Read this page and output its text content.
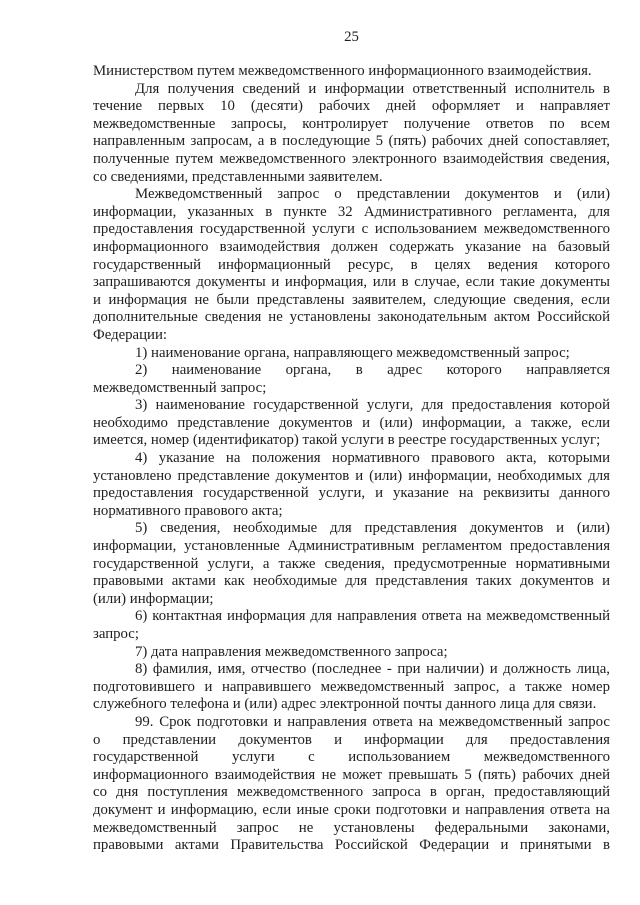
25
Министерством путем межведомственного информационного взаимодействия.
Для получения сведений и информации ответственный исполнитель в
течение первых 10 (десяти) рабочих дней оформляет и направляет
межведомственные запросы, контролирует получение ответов по всем
направленным запросам, а в последующие 5 (пять) рабочих дней сопоставляет,
полученные путем межведомственного электронного взаимодействия сведения,
со сведениями, представленными заявителем.
Межведомственный запрос о представлении документов и (или)
информации, указанных в пункте 32 Административного регламента, для
предоставления государственной услуги с использованием межведомственного
информационного взаимодействия должен содержать указание на базовый
государственный информационный ресурс, в целях ведения которого
запрашиваются документы и информация, или в случае, если такие документы
и информация не были представлены заявителем, следующие сведения, если
дополнительные сведения не установлены законодательным актом Российской
Федерации:
1) наименование органа, направляющего межведомственный запрос;
2) наименование органа, в адрес которого направляется
межведомственный запрос;
3) наименование государственной услуги, для предоставления которой
необходимо представление документов и (или) информации, а также, если
имеется, номер (идентификатор) такой услуги в реестре государственных услуг;
4) указание на положения нормативного правового акта, которыми
установлено представление документов и (или) информации, необходимых для
предоставления государственной услуги, и указание на реквизиты данного
нормативного правового акта;
5) сведения, необходимые для представления документов и (или)
информации, установленные Административным регламентом предоставления
государственной услуги, а также сведения, предусмотренные нормативными
правовыми актами как необходимые для представления таких документов и
(или) информации;
6) контактная информация для направления ответа на межведомственный
запрос;
7) дата направления межведомственного запроса;
8) фамилия, имя, отчество (последнее - при наличии) и должность лица,
подготовившего и направившего межведомственный запрос, а также номер
служебного телефона и (или) адрес электронной почты данного лица для связи.
99. Срок подготовки и направления ответа на межведомственный запрос
о представлении документов и информации для предоставления
государственной услуги с использованием межведомственного
информационного взаимодействия не может превышать 5 (пять) рабочих дней
со дня поступления межведомственного запроса в орган, предоставляющий
документ и информацию, если иные сроки подготовки и направления ответа на
межведомственный запрос не установлены федеральными законами,
правовыми актами Правительства Российской Федерации и принятыми в
